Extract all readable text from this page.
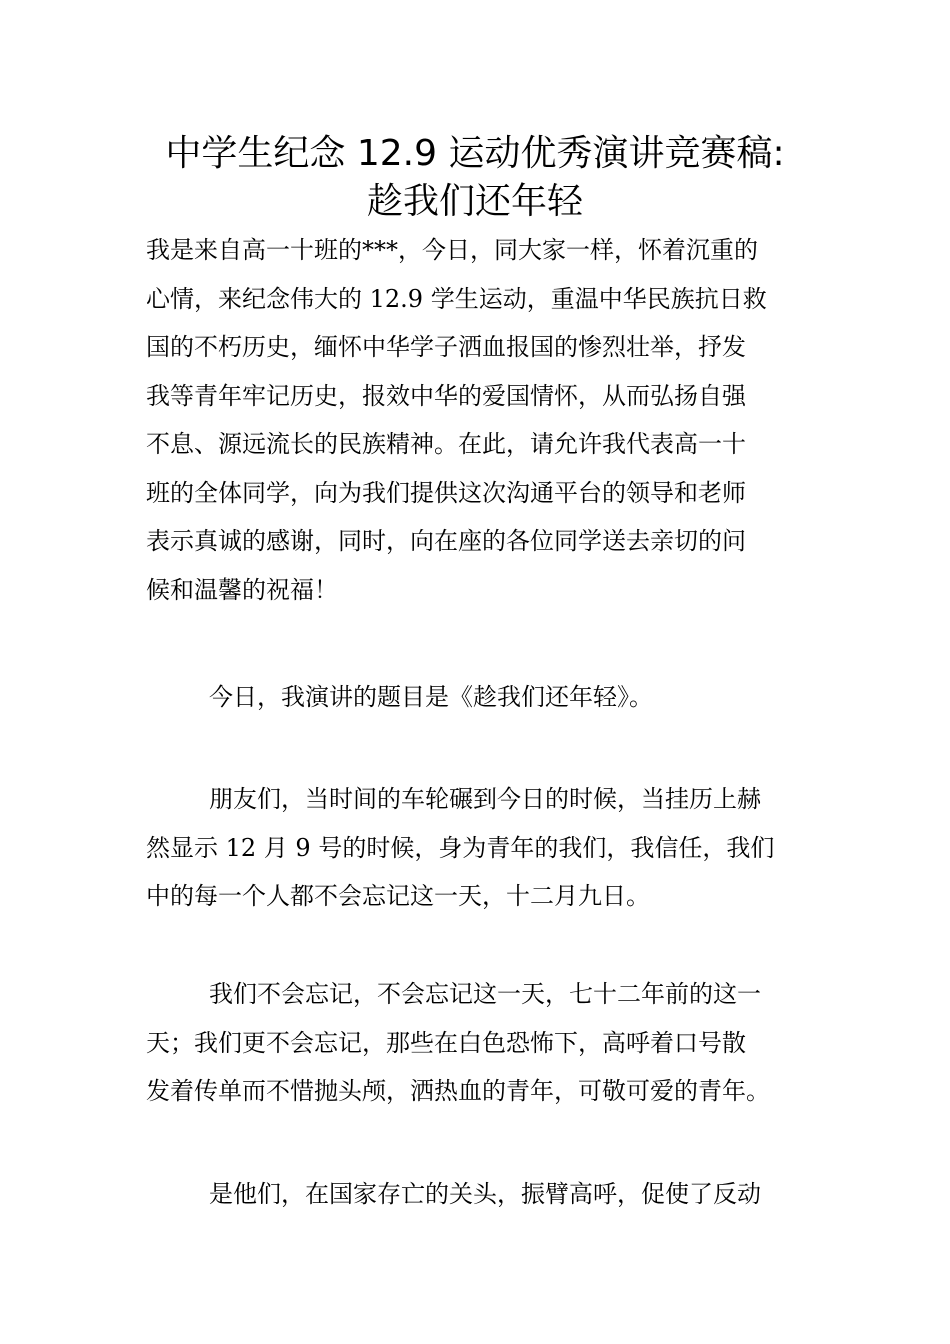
中学生纪念 12.9 运动优秀演讲竞赛稿:
趁我们还年轻
我是来自高一十班的***，今日，同大家一样，怀着沉重的
心情，来纪念伟大的 12.9 学生运动，重温中华民族抗日救
国的不朽历史，缅怀中华学子洒血报国的惨烈壮举，抒发
我等青年牢记历史，报效中华的爱国情怀，从而弘扬自强
不息、源远流长的民族精神。在此，请允许我代表高一十
班的全体同学，向为我们提供这次沟通平台的领导和老师
表示真诚的感谢，同时，向在座的各位同学送去亲切的问
候和温馨的祝福！
今日，我演讲的题目是《趁我们还年轻》。
朋友们，当时间的车轮碾到今日的时候，当挂历上赫
然显示 12 月 9 号的时候，身为青年的我们，我信任，我们
中的每一个人都不会忘记这一天，十二月九日。
我们不会忘记，不会忘记这一天，七十二年前的这一
天；我们更不会忘记，那些在白色恐怖下，高呼着口号散
发着传单而不惜抛头颅，洒热血的青年，可敬可爱的青年。
是他们，在国家存亡的关头，振臂高呼，促使了反动
